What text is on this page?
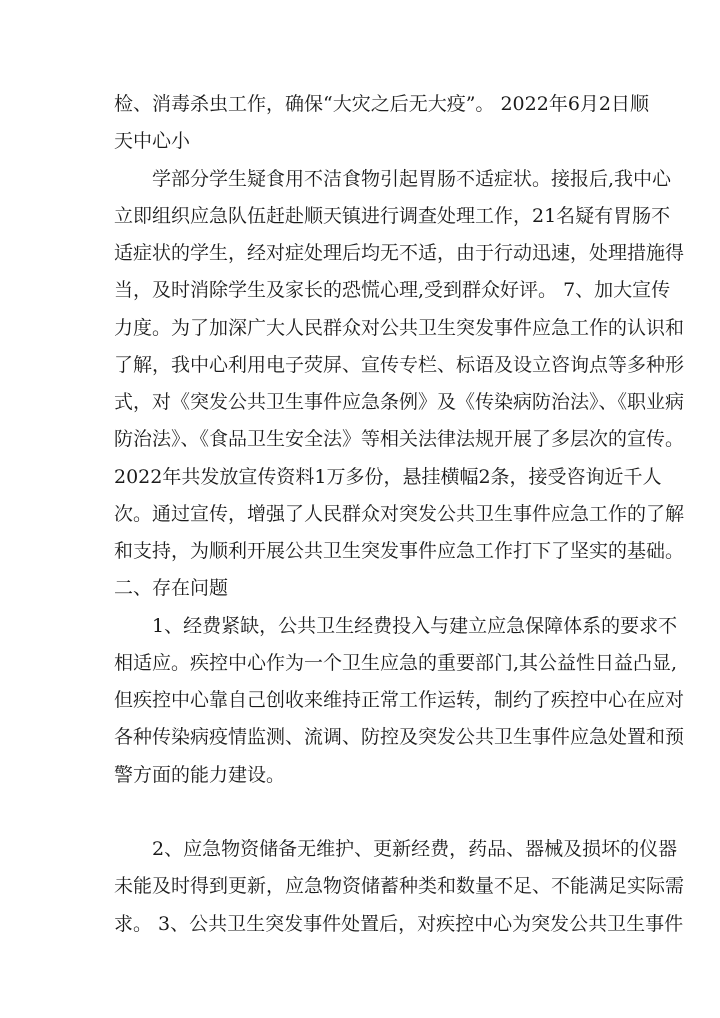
检、消毒杀虫工作，确保“大灾之后无大疫”。 2022年6月2日顺
天中心小
学部分学生疑食用不洁食物引起胃肠不适症状。接报后,我中心
立即组织应急队伍赶赴顺天镇进行调查处理工作，21名疑有胃肠不
适症状的学生，经对症处理后均无不适，由于行动迅速，处理措施得
当，及时消除学生及家长的恐慌心理,受到群众好评。 7、加大宣传
力度。为了加深广大人民群众对公共卫生突发事件应急工作的认识和
了解，我中心利用电子荧屏、宣传专栏、标语及设立咨询点等多种形
式，对《突发公共卫生事件应急条例》及《传染病防治法》、《职业病
防治法》、《食品卫生安全法》等相关法律法规开展了多层次的宣传。
2022年共发放宣传资料1万多份，悬挂横幅2条，接受咨询近千人
次。通过宣传，增强了人民群众对突发公共卫生事件应急工作的了解
和支持，为顺利开展公共卫生突发事件应急工作打下了坚实的基础。
二、存在问题
1、经费紧缺，公共卫生经费投入与建立应急保障体系的要求不
相适应。疾控中心作为一个卫生应急的重要部门,其公益性日益凸显,
但疾控中心靠自己创收来维持正常工作运转，制约了疾控中心在应对
各种传染病疫情监测、流调、防控及突发公共卫生事件应急处置和预
警方面的能力建设。
2、应急物资储备无维护、更新经费，药品、器械及损坏的仪器
未能及时得到更新，应急物资储蓄种类和数量不足、不能满足实际需
求。 3、公共卫生突发事件处置后，对疾控中心为突发公共卫生事件
